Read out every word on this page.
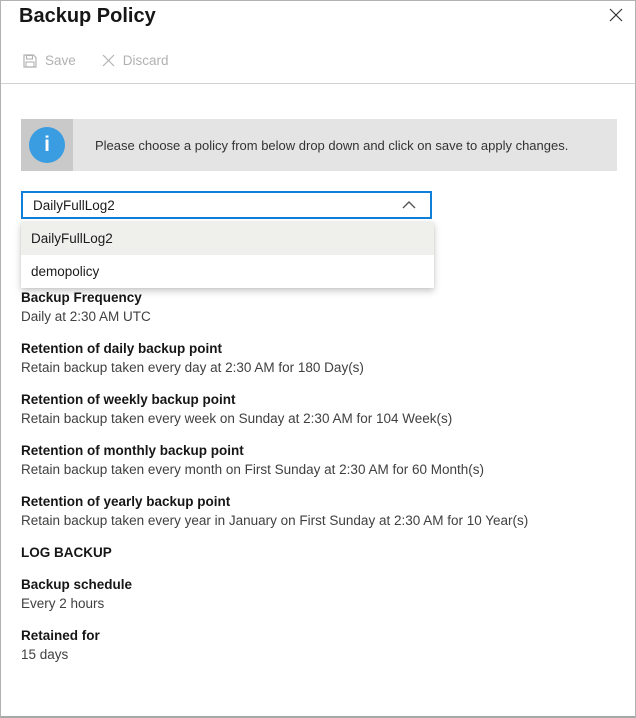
Backup Policy
Save	Discard
i	Please choose a policy from below drop down and click on save to apply changes.
DailyFullLog2
DailyFullLog2
demopolicy
Backup Frequency
Daily at 2:30 AM UTC
Retention of daily backup point
Retain backup taken every day at 2:30 AM for 180 Day(s)
Retention of weekly backup point
Retain backup taken every week on Sunday at 2:30 AM for 104 Week(s)
Retention of monthly backup point
Retain backup taken every month on First Sunday at 2:30 AM for 60 Month(s)
Retention of yearly backup point
Retain backup taken every year in January on First Sunday at 2:30 AM for 10 Year(s)
LOG BACKUP
Backup schedule
Every 2 hours
Retained for
15 days
